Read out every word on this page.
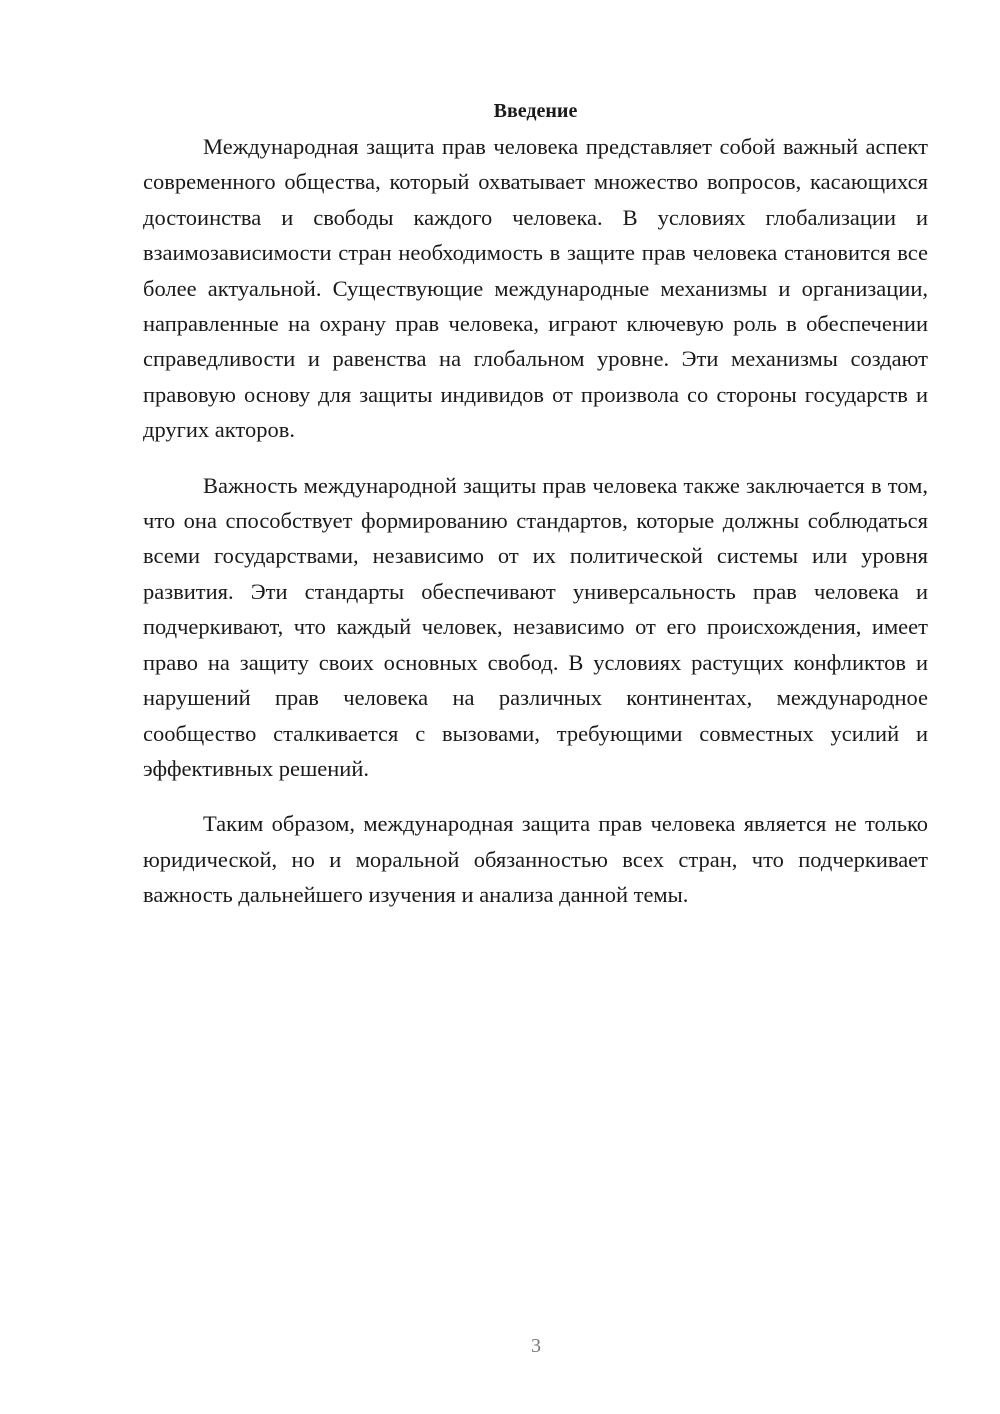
Введение

Международная защита прав человека представляет собой важный аспект современного общества, который охватывает множество вопросов, касающихся достоинства и свободы каждого человека. В условиях глобализации и взаимозависимости стран необходимость в защите прав человека становится все более актуальной. Существующие международные механизмы и организации, направленные на охрану прав человека, играют ключевую роль в обеспечении справедливости и равенства на глобальном уровне. Эти механизмы создают правовую основу для защиты индивидов от произвола со стороны государств и других акторов.

Важность международной защиты прав человека также заключается в том, что она способствует формированию стандартов, которые должны соблюдаться всеми государствами, независимо от их политической системы или уровня развития. Эти стандарты обеспечивают универсальность прав человека и подчеркивают, что каждый человек, независимо от его происхождения, имеет право на защиту своих основных свобод. В условиях растущих конфликтов и нарушений прав человека на различных континентах, международное сообщество сталкивается с вызовами, требующими совместных усилий и эффективных решений.

Таким образом, международная защита прав человека является не только юридической, но и моральной обязанностью всех стран, что подчеркивает важность дальнейшего изучения и анализа данной темы.

3
